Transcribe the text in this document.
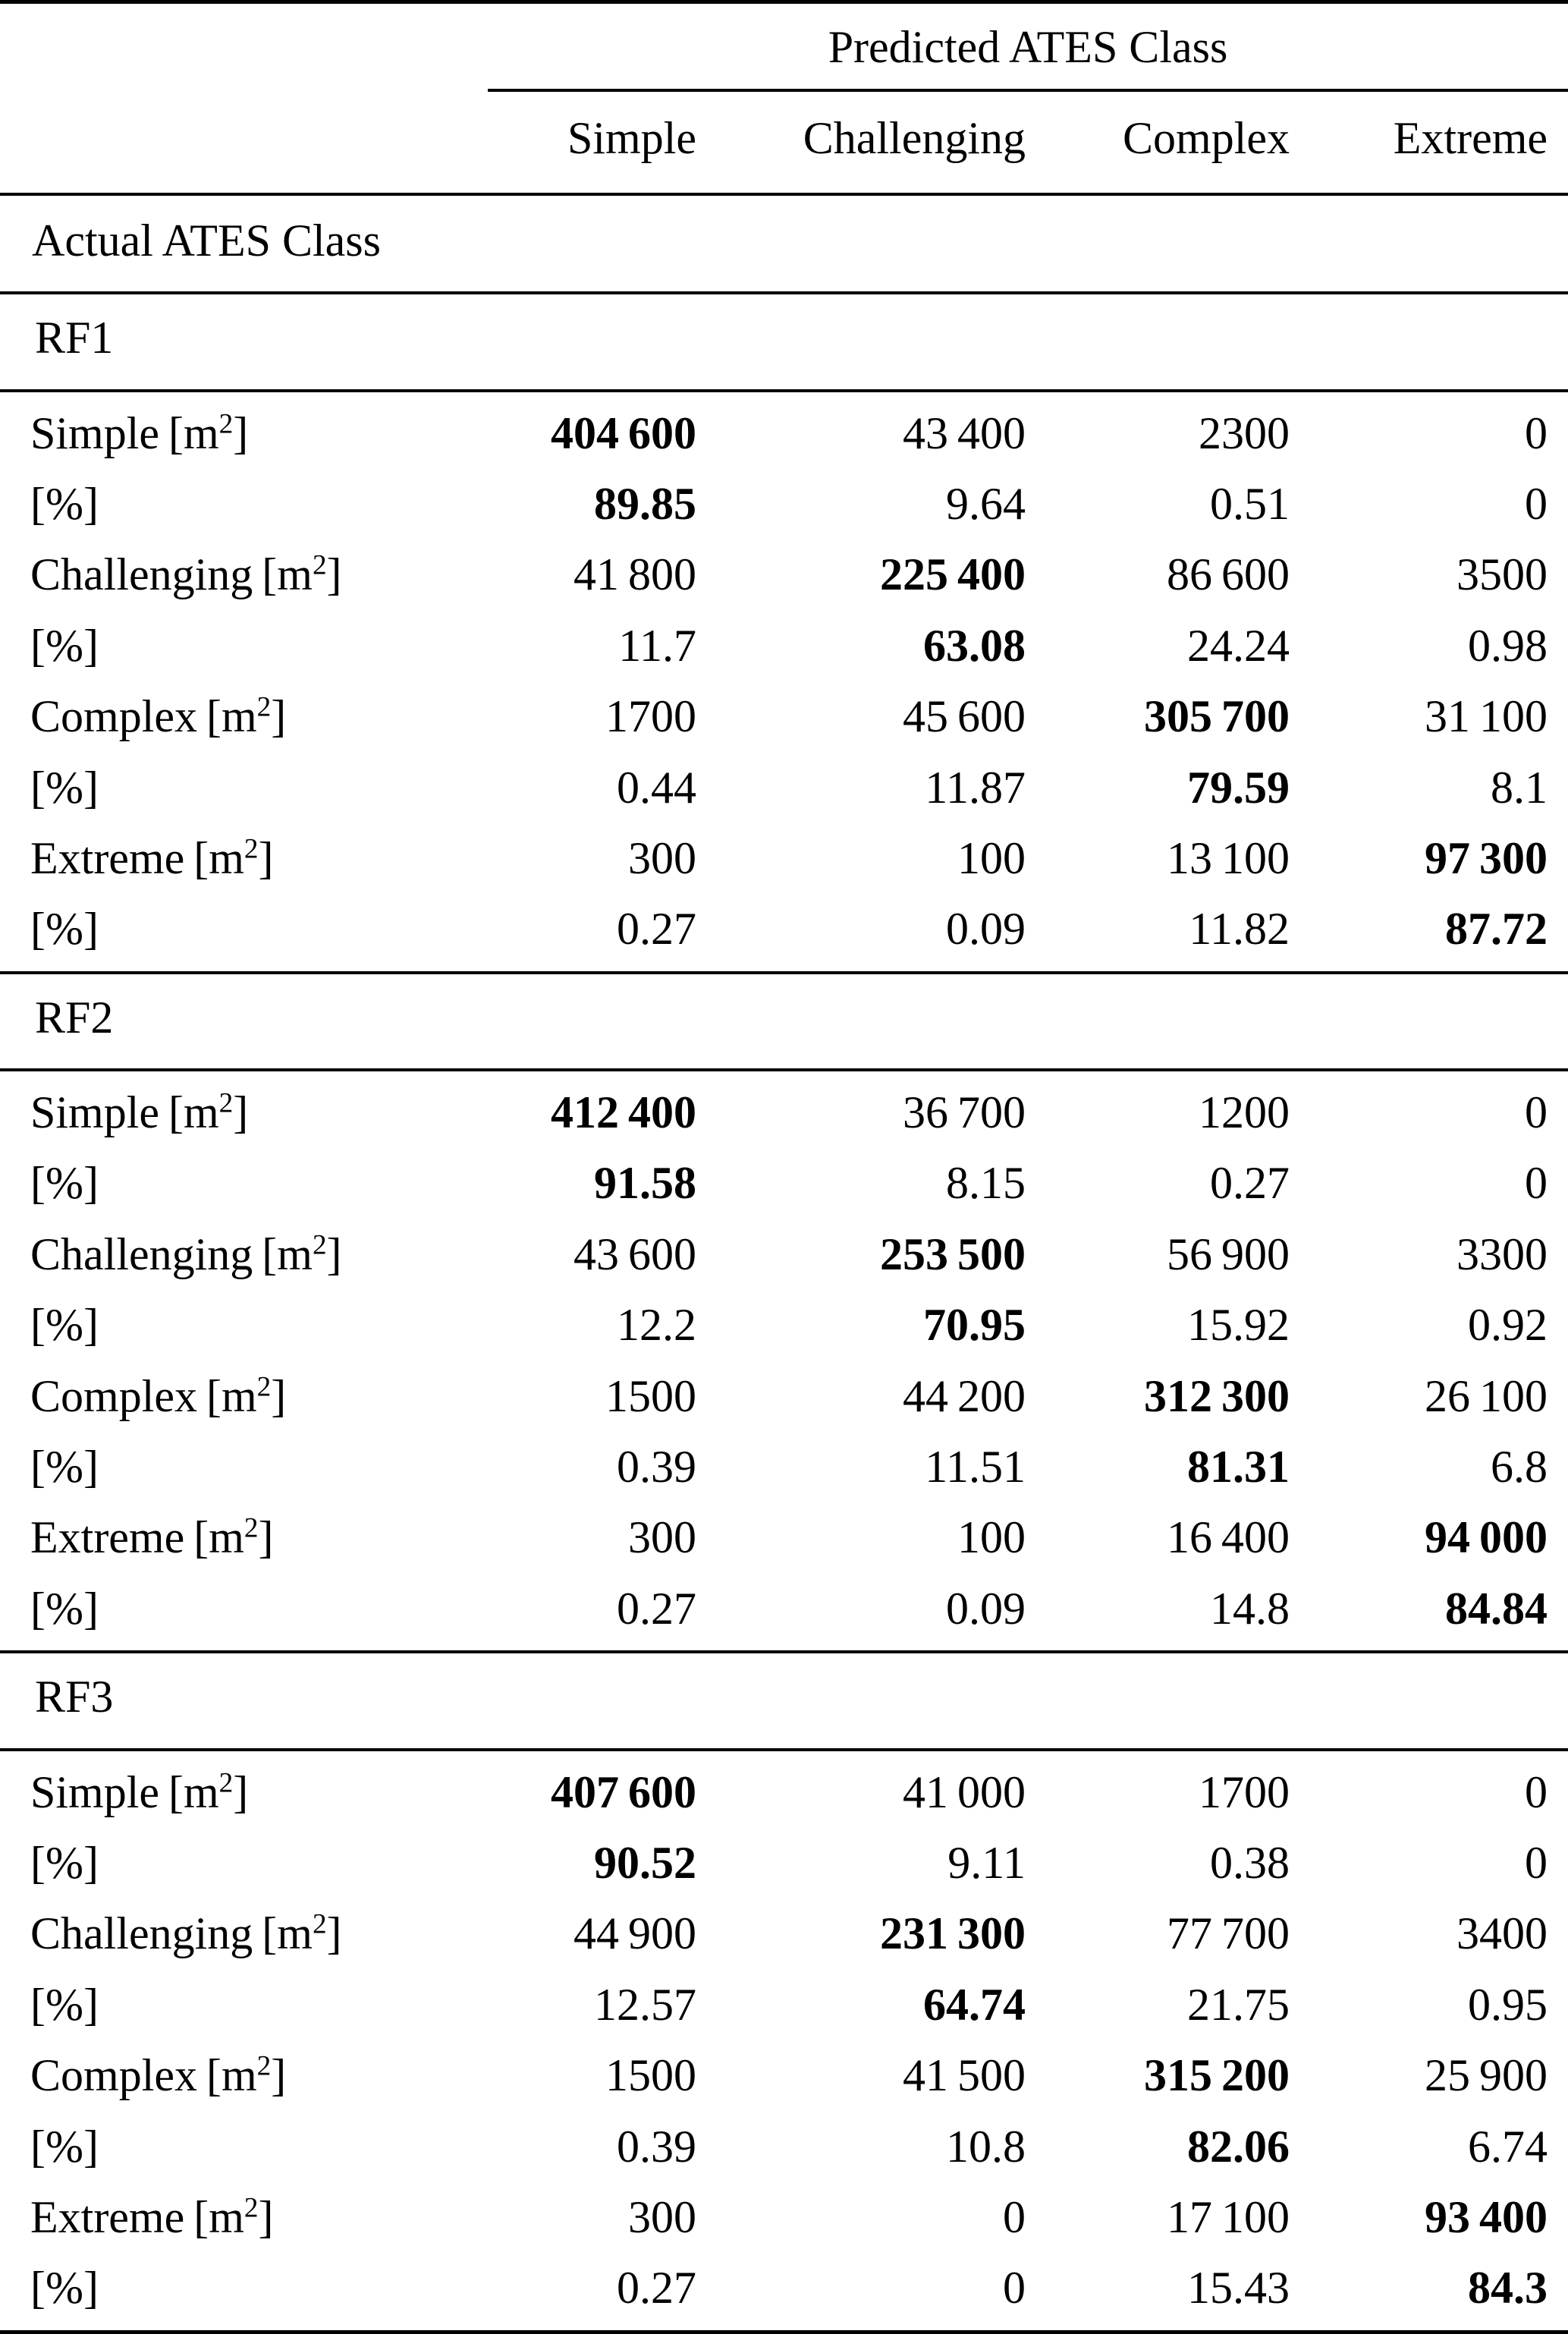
	Predicted ATES Class			
	Simple	Challenging	Complex	Extreme
Actual ATES Class				
RF1				
Simple $[m^2]$	404 600	43 400	2300	0
[%]	89.85	9.64	0.51	0
Challenging $[m^2]$	41 800	225 400	86 600	3500
[%]	11.7	63.08	24.24	0.98
Complex $[m^2]$	1700	45 600	305 700	31 100
[%]	0.44	11.87	79.59	8.1
Extreme $[m^2]$	300	100	13 100	97 300
[%]	0.27	0.09	11.82	87.72
RF2				
Simple $[m^2]$	412 400	36 700	1200	0
[%]	91.58	8.15	0.27	0
Challenging $[m^2]$	43 600	253 500	56 900	3300
[%]	12.2	70.95	15.92	0.92
Complex $[m^2]$	1500	44 200	312 300	26 100
[%]	0.39	11.51	81.31	6.8
Extreme $[m^2]$	300	100	16 400	94 000
[%]	0.27	0.09	14.8	84.84
RF3				
Simple $[m^2]$	407 600	41 000	1700	0
[%]	90.52	9.11	0.38	0
Challenging $[m^2]$	44 900	231 300	77 700	3400
[%]	12.57	64.74	21.75	0.95
Complex $[m^2]$	1500	41 500	315 200	25 900
[%]	0.39	10.8	82.06	6.74
Extreme $[m^2]$	300	0	17 100	93 400
[%]	0.27	0	15.43	84.3
